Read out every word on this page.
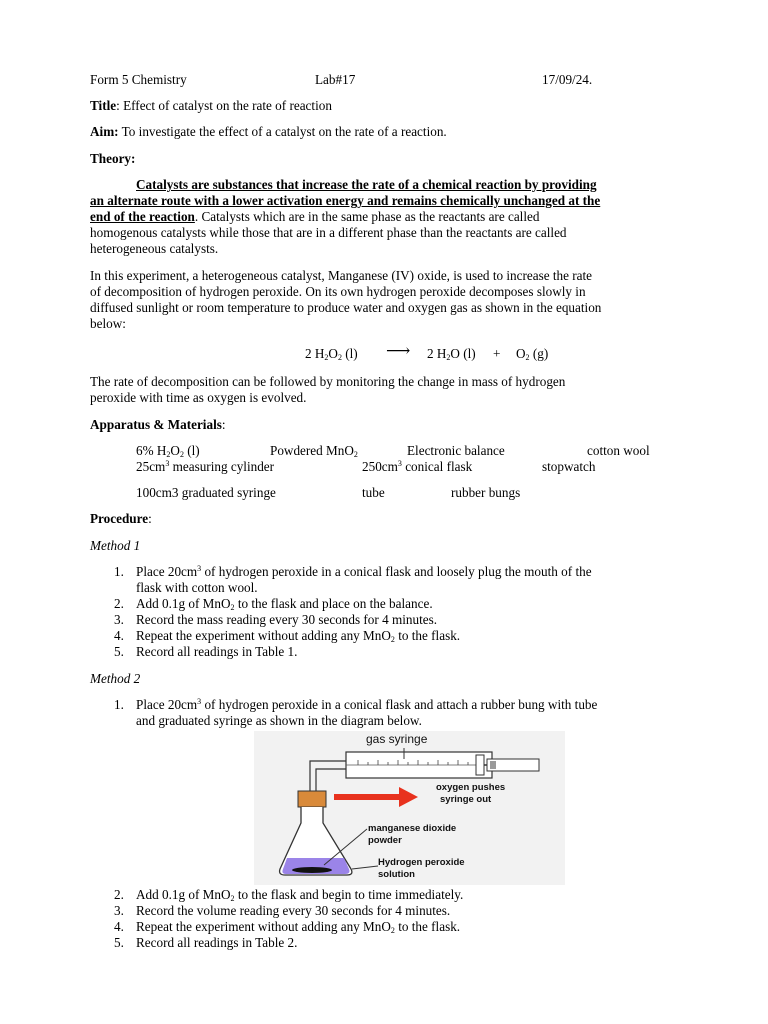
Form 5 Chemistry	Lab#17	17/09/24.
Title: Effect of catalyst on the rate of reaction
Aim: To investigate the effect of a catalyst on the rate of a reaction.
Theory:
Catalysts are substances that increase the rate of a chemical reaction by providing
an alternate route with a lower activation energy and remains chemically unchanged at the
end of the reaction. Catalysts which are in the same phase as the reactants are called
homogenous catalysts while those that are in a different phase than the reactants are called
heterogeneous catalysts.
In this experiment, a heterogeneous catalyst, Manganese (IV) oxide, is used to increase the rate
of decomposition of hydrogen peroxide. On its own hydrogen peroxide decomposes slowly in
diffused sunlight or room temperature to produce water and oxygen gas as shown in the equation
below:
2 $H_2O_2$ (l) ⟶ 2 $H_2O$ $(l) + O_2$ (g)
The rate of decomposition can be followed by monitoring the change in mass of hydrogen
peroxide with time as oxygen is evolved.
Apparatus & Materials:
6% $H_2O_2$ (l)	Powdered MnO$_2$	Electronic balance	cotton wool
$25cm^3$ measuring cylinder	$250cm^3$ conical flask	stopwatch
100cm3 graduated syringe	tube	rubber bungs
Procedure:
Method 1
1. Place $20cm^3$ of hydrogen peroxide in a conical flask and loosely plug the mouth of the
flask with cotton wool.
2. Add 0.1g of MnO$_2$ to the flask and place on the balance.
3. Record the mass reading every 30 seconds for 4 minutes.
4. Repeat the experiment without adding any MnO$_2$ to the flask.
5. Record all readings in Table 1.
Method 2
1. Place $20cm^3$ of hydrogen peroxide in a conical flask and attach a rubber bung with tube
and graduated syringe as shown in the diagram below.
gas syringe
oxygen pushes
syringe out
manganese dioxide
powder
Hydrogen peroxide
solution
2. Add 0.1g of MnO$_2$ to the flask and begin to time immediately.
3. Record the volume reading every 30 seconds for 4 minutes.
4. Repeat the experiment without adding any MnO$_2$ to the flask.
5. Record all readings in Table 2.
